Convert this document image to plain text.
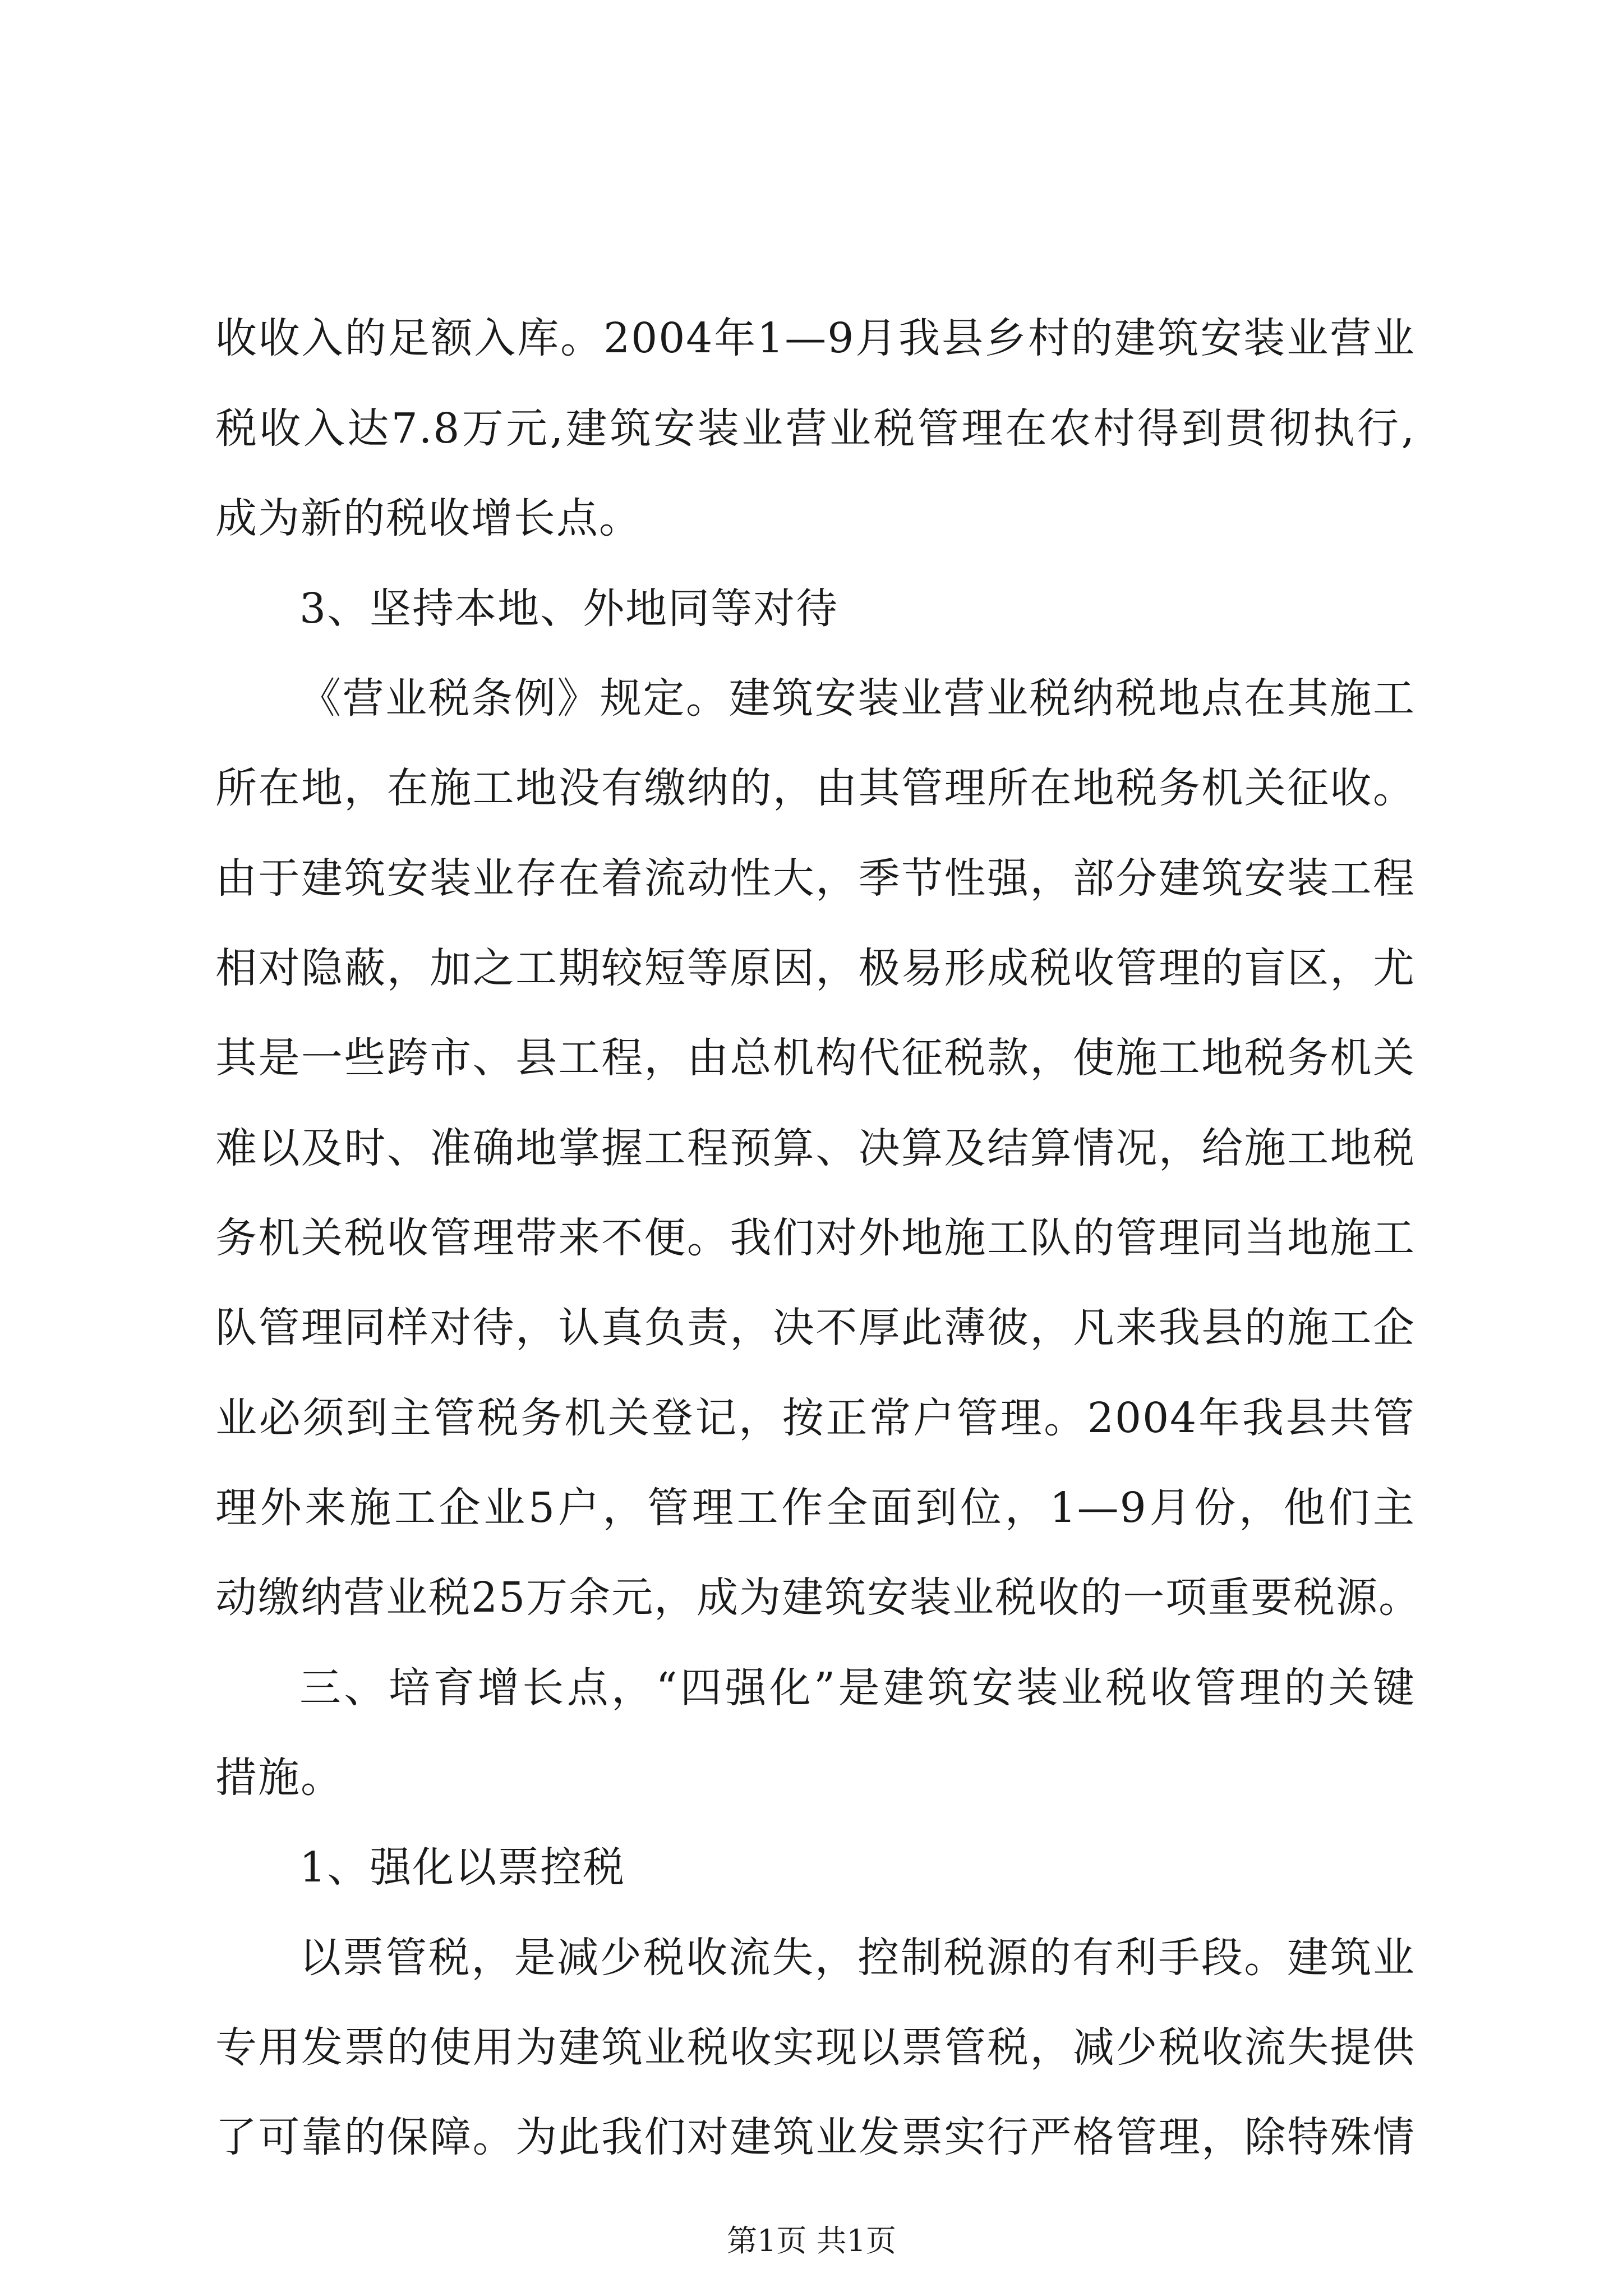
收收入的足额入库。2004年1—9月我县乡村的建筑安装业营业
税收入达7.8万元,建筑安装业营业税管理在农村得到贯彻执行,
成为新的税收增长点。
3、坚持本地、外地同等对待
《营业税条例》规定。建筑安装业营业税纳税地点在其施工
所在地，在施工地没有缴纳的，由其管理所在地税务机关征收。
由于建筑安装业存在着流动性大，季节性强，部分建筑安装工程
相对隐蔽，加之工期较短等原因，极易形成税收管理的盲区，尤
其是一些跨市、县工程，由总机构代征税款，使施工地税务机关
难以及时、准确地掌握工程预算、决算及结算情况，给施工地税
务机关税收管理带来不便。我们对外地施工队的管理同当地施工
队管理同样对待，认真负责，决不厚此薄彼，凡来我县的施工企
业必须到主管税务机关登记，按正常户管理。2004年我县共管
理外来施工企业5户，管理工作全面到位，1—9月份，他们主
动缴纳营业税25万余元，成为建筑安装业税收的一项重要税源。
三、培育增长点，“四强化”是建筑安装业税收管理的关键
措施。
1、强化以票控税
以票管税，是减少税收流失，控制税源的有利手段。建筑业
专用发票的使用为建筑业税收实现以票管税，减少税收流失提供
了可靠的保障。为此我们对建筑业发票实行严格管理，除特殊情
第1页 共1页
